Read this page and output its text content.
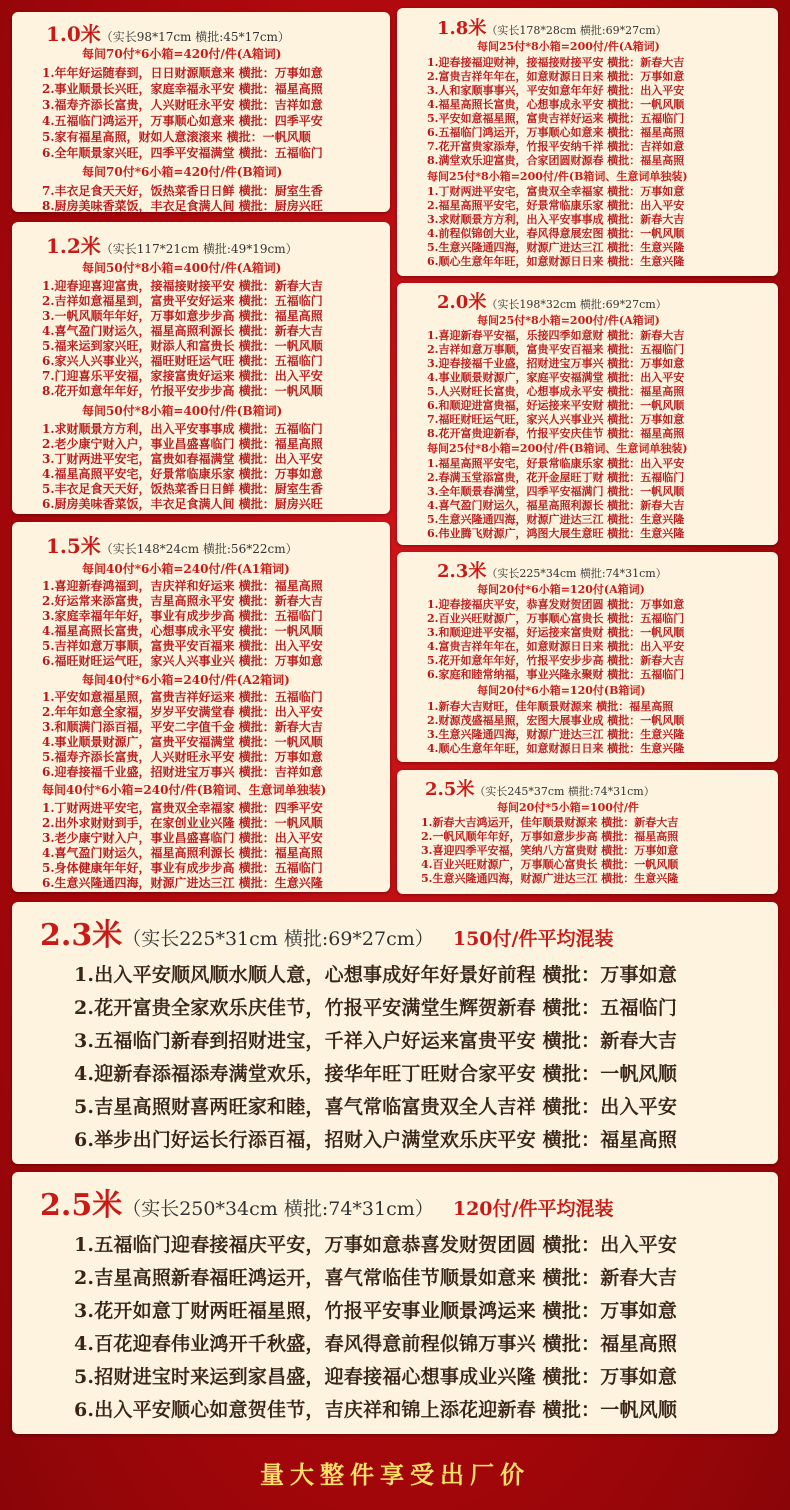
1.0米（实长98*17cm 横批:45*17cm）
每间70付*6小箱=420付/件(A箱词)
1.年年好运随春到，日日财源顺意来 横批：万事如意
2.事业顺景长兴旺，家庭幸福永平安 横批：福星高照
3.福寿齐添长富贵，人兴财旺永平安 横批：吉祥如意
4.五福临门鸿运开，万事顺心如意来 横批：四季平安
5.家有福星高照，财如人意滚滚来 横批：一帆风顺
6.全年顺景家兴旺，四季平安福满堂 横批：五福临门
每间70付*6小箱=420付/件(B箱词)
7.丰衣足食天天好，饭热菜香日日鲜 横批：厨室生香
8.厨房美味香菜饭，丰衣足食满人间 横批：厨房兴旺
1.8米（实长178*28cm 横批:69*27cm）
每间25付*8小箱=200付/件(A箱词)
1.迎春接福迎财神，接福接财接平安 横批：新春大吉
2.富贵吉祥年年在，如意财源日日来 横批：万事如意
3.人和家顺事事兴，平安如意年年好 横批：出入平安
4.福星高照长富贵，心想事成永平安 横批：一帆风顺
5.平安如意福星照，富贵吉祥好运来 横批：五福临门
6.五福临门鸿运开，万事顺心如意来 横批：福星高照
7.花开富贵家添寿，竹报平安纳千祥 横批：吉祥如意
8.满堂欢乐迎富贵，合家团圆财源春 横批：福星高照
每间25付*8小箱=200付/件(B箱词、生意词单独装)
1.丁财两进平安宅，富贵双全幸福家 横批：万事如意
2.福星高照平安宅，好景常临康乐家 横批：出入平安
3.求财顺景方方利，出入平安事事成 横批：新春大吉
4.前程似锦创大业，春风得意展宏图 横批：一帆风顺
5.生意兴隆通四海，财源广进达三江 横批：生意兴隆
6.顺心生意年年旺，如意财源日日来 横批：生意兴隆
1.2米（实长117*21cm 横批:49*19cm）
每间50付*8小箱=400付/件(A箱词)
1.迎春迎喜迎富贵，接福接财接平安 横批：新春大吉
2.吉祥如意福星到，富贵平安好运来 横批：五福临门
3.一帆风顺年年好，万事如意步步高 横批：福星高照
4.喜气盈门财运久，福星高照利源长 横批：新春大吉
5.福来运到家兴旺，财添人和富贵长 横批：一帆风顺
6.家兴人兴事业兴，福旺财旺运气旺 横批：五福临门
7.门迎喜乐平安福，家接富贵好运来 横批：出入平安
8.花开如意年年好，竹报平安步步高 横批：一帆风顺
每间50付*8小箱=400付/件(B箱词)
1.求财顺景方方利，出入平安事事成 横批：五福临门
2.老少康宁财入户，事业昌盛喜临门 横批：福星高照
3.丁财两进平安宅，富贵如春福满堂 横批：出入平安
4.福星高照平安宅，好景常临康乐家 横批：万事如意
5.丰衣足食天天好，饭热菜香日日鲜 横批：厨室生香
6.厨房美味香菜饭，丰衣足食满人间 横批：厨房兴旺
2.0米（实长198*32cm 横批:69*27cm）
每间25付*8小箱=200付/件(A箱词)
1.喜迎新春平安福，乐接四季如意财 横批：新春大吉
2.吉祥如意万事顺，富贵平安百福来 横批：五福临门
3.迎春接福千业盛，招财进宝万事兴 横批：万事如意
4.事业顺景财源广，家庭平安福满堂 横批：出入平安
5.人兴财旺长富贵，心想事成永平安 横批：福星高照
6.和顺迎进富贵福，好运接来平安财 横批：一帆风顺
7.福旺财旺运气旺，家兴人兴事业兴 横批：万事如意
8.花开富贵迎新春，竹报平安庆佳节 横批：福星高照
每间25付*8小箱=200付/件(B箱词、生意词单独装)
1.福星高照平安宅，好景常临康乐家 横批：出入平安
2.春满玉堂添富贵，花开金屋旺丁财 横批：五福临门
3.全年顺景春满堂，四季平安福满门 横批：一帆风顺
4.喜气盈门财运久，福星高照利源长 横批：新春大吉
5.生意兴隆通四海，财源广进达三江 横批：生意兴隆
6.伟业腾飞财源广，鸿图大展生意旺 横批：生意兴隆
1.5米（实长148*24cm 横批:56*22cm）
每间40付*6小箱=240付/件(A1箱词)
1.喜迎新春鸿福到，吉庆祥和好运来 横批：福星高照
2.好运常来添富贵，吉星高照永平安 横批：新春大吉
3.家庭幸福年年好，事业有成步步高 横批：五福临门
4.福星高照长富贵，心想事成永平安 横批：一帆风顺
5.吉祥如意万事顺，富贵平安百福来 横批：出入平安
6.福旺财旺运气旺，家兴人兴事业兴 横批：万事如意
每间40付*6小箱=240付/件(A2箱词)
1.平安如意福星照，富贵吉祥好运来 横批：五福临门
2.年年如意全家福，岁岁平安满堂春 横批：出入平安
3.和顺满门添百福，平安二字值千金 横批：新春大吉
4.事业顺景财源广，富贵平安福满堂 横批：一帆风顺
5.福寿齐添长富贵，人兴财旺永平安 横批：万事如意
6.迎春接福千业盛，招财进宝万事兴 横批：吉祥如意
每间40付*6小箱=240付/件(B箱词、生意词单独装)
1.丁财两进平安宅，富贵双全幸福家 横批：四季平安
2.出外求财财到手，在家创业业兴隆 横批：一帆风顺
3.老少康宁财入户，事业昌盛喜临门 横批：出入平安
4.喜气盈门财运久，福星高照利源长 横批：福星高照
5.身体健康年年好，事业有成步步高 横批：五福临门
6.生意兴隆通四海，财源广进达三江 横批：生意兴隆
2.3米（实长225*34cm 横批:74*31cm）
每间20付*6小箱=120付(A箱词)
1.迎春接福庆平安，恭喜发财贺团圆 横批：万事如意
2.百业兴旺财源广，万事顺心富贵长 横批：五福临门
3.和顺迎进平安福，好运接来富贵财 横批：一帆风顺
4.富贵吉祥年年在，如意财源日日来 横批：出入平安
5.花开如意年年好，竹报平安步步高 横批：新春大吉
6.家庭和睦常纳福，事业兴隆永聚财 横批：五福临门
每间20付*6小箱=120付(B箱词)
1.新春大吉财旺，佳年顺景财源来 横批：福星高照
2.财源茂盛福星照，宏图大展事业成 横批：一帆风顺
3.生意兴隆通四海，财源广进达三江 横批：生意兴隆
4.顺心生意年年旺，如意财源日日来 横批：生意兴隆
2.5米（实长245*37cm 横批:74*31cm）
每间20付*5小箱=100付/件
1.新春大吉鸿运开，佳年顺景财源来 横批：新春大吉
2.一帆风顺年年好，万事如意步步高 横批：福星高照
3.喜迎四季平安福，笑纳八方富贵财 横批：万事如意
4.百业兴旺财源广，万事顺心富贵长 横批：一帆风顺
5.生意兴隆通四海，财源广进达三江 横批：生意兴隆
2.3米（实长225*31cm 横批:69*27cm） 150付/件平均混装
1.出入平安顺风顺水顺人意，心想事成好年好景好前程 横批：万事如意
2.花开富贵全家欢乐庆佳节，竹报平安满堂生辉贺新春 横批：五福临门
3.五福临门新春到招财进宝，千祥入户好运来富贵平安 横批：新春大吉
4.迎新春添福添寿满堂欢乐，接华年旺丁旺财合家平安 横批：一帆风顺
5.吉星高照财喜两旺家和睦，喜气常临富贵双全人吉祥 横批：出入平安
6.举步出门好运长行添百福，招财入户满堂欢乐庆平安 横批：福星高照
2.5米（实长250*34cm 横批:74*31cm） 120付/件平均混装
1.五福临门迎春接福庆平安，万事如意恭喜发财贺团圆 横批：出入平安
2.吉星高照新春福旺鸿运开，喜气常临佳节顺景如意来 横批：新春大吉
3.花开如意丁财两旺福星照，竹报平安事业顺景鸿运来 横批：万事如意
4.百花迎春伟业鸿开千秋盛，春风得意前程似锦万事兴 横批：福星高照
5.招财进宝时来运到家昌盛，迎春接福心想事成业兴隆 横批：万事如意
6.出入平安顺心如意贺佳节，吉庆祥和锦上添花迎新春 横批：一帆风顺
量大整件享受出厂价
